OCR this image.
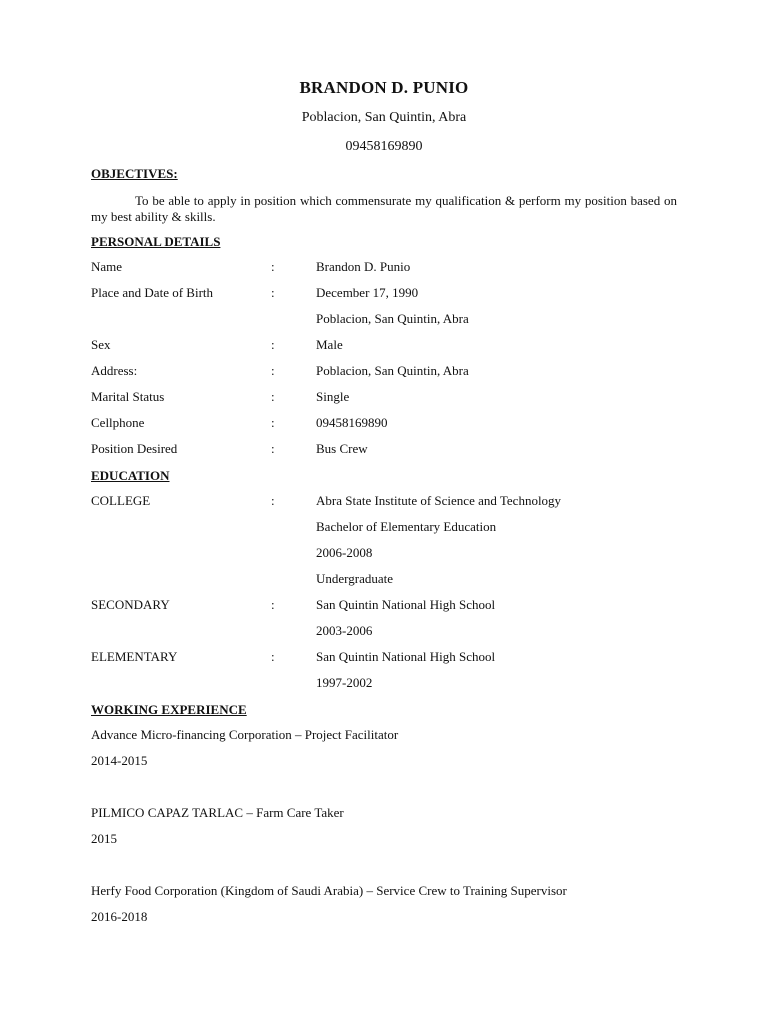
BRANDON D. PUNIO
Poblacion, San Quintin, Abra
09458169890
OBJECTIVES:
To be able to apply in position which commensurate my qualification & perform my position based on my best ability & skills.
PERSONAL DETAILS
Name	:	Brandon D. Punio
Place and Date of Birth	:	December 17, 1990
Poblacion, San Quintin, Abra
Sex	:	Male
Address:	:	Poblacion, San Quintin, Abra
Marital Status	:	Single
Cellphone	:	09458169890
Position Desired	:	Bus Crew
EDUCATION
COLLEGE	:	Abra State Institute of Science and Technology
Bachelor of Elementary Education
2006-2008
Undergraduate
SECONDARY	:	San Quintin National High School
2003-2006
ELEMENTARY	:	San Quintin National High School
1997-2002
WORKING EXPERIENCE
Advance Micro-financing Corporation – Project Facilitator
2014-2015
PILMICO CAPAZ TARLAC – Farm Care Taker
2015
Herfy Food Corporation (Kingdom of Saudi Arabia) – Service Crew to Training Supervisor
2016-2018
